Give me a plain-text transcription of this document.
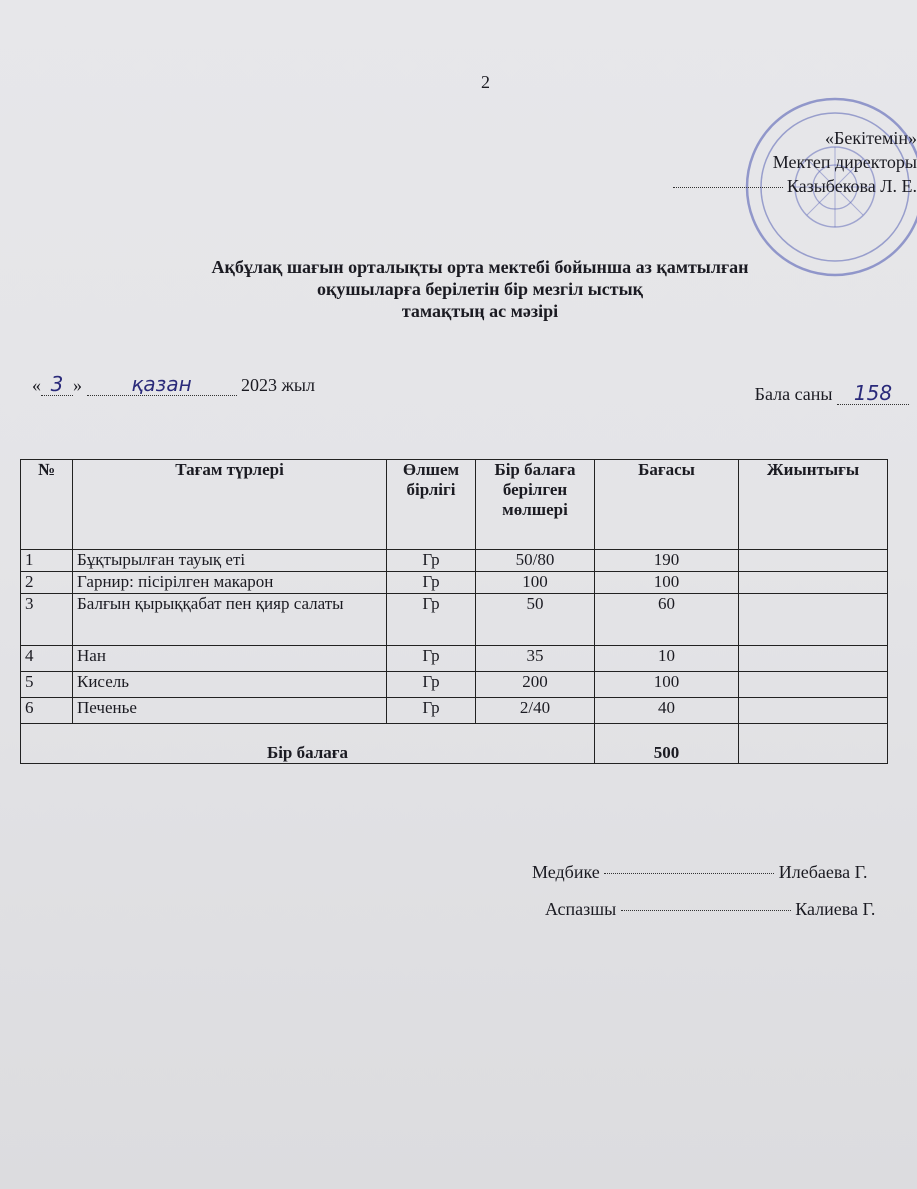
2
«Бекітемін»
Мектеп директоры
Казыбекова Л. Е.
Ақбұлақ шағын орталықты орта мектебі бойынша аз қамтылған
оқушыларға берілетін бір мезгіл ыстық
тамақтың ас мәзірі
« 3 » қазан	2023 жыл	Бала саны 158
№	Тағам түрлері	Өлшем бірлігі	Бір балаға берілген мөлшері	Бағасы	Жиынтығы
1	Бұқтырылған тауық еті	Гр	50/80	190	
2	Гарнир: пісірілген макарон	Гр	100	100	
3	Балғын қырыққабат пен қияр салаты	Гр	50	60	
4	Нан	Гр	35	10	
5	Кисель	Гр	200	100	
6	Печенье	Гр	2/40	40	
Бір балаға				500	
Медбике	Илебаева Г.
Аспазшы	Калиева Г.
